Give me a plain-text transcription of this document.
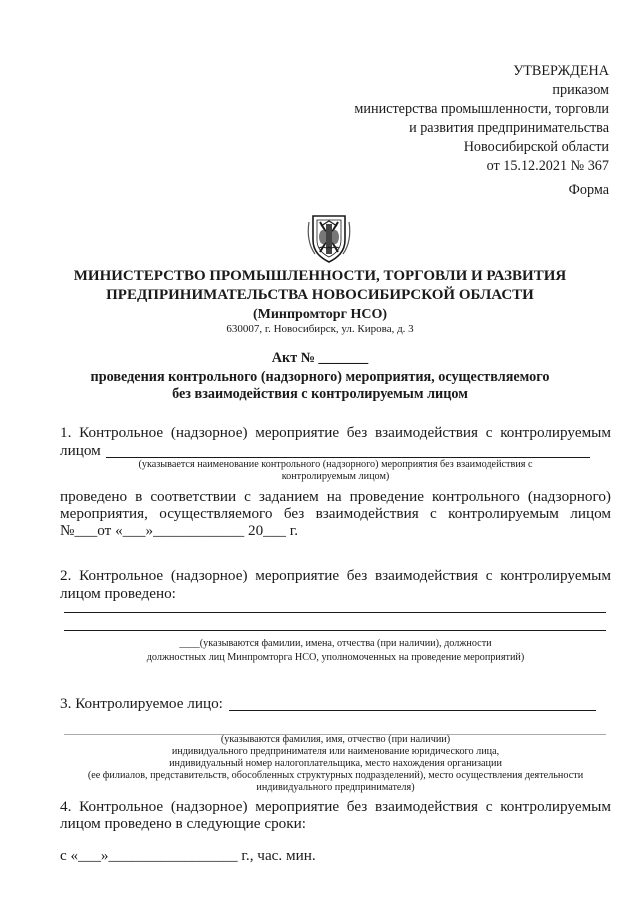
УТВЕРЖДЕНА
приказом
министерства промышленности, торговли
и развития предпринимательства
Новосибирской области
от 15.12.2021 № 367
Форма
МИНИСТЕРСТВО ПРОМЫШЛЕННОСТИ, ТОРГОВЛИ И РАЗВИТИЯ
ПРЕДПРИНИМАТЕЛЬСТВА НОВОСИБИРСКОЙ ОБЛАСТИ
(Минпромторг НСО)
630007, г. Новосибирск, ул. Кирова, д. 3
Акт № _______
проведения контрольного (надзорного) мероприятия, осуществляемого
без взаимодействия с контролируемым лицом
1. Контрольное (надзорное) мероприятие без взаимодействия с контролируемым
лицом
(указывается наименование контрольного (надзорного) мероприятия без взаимодействия с
контролируемым лицом)
проведено в соответствии с заданием на проведение контрольного (надзорного)
мероприятия, осуществляемого без взаимодействия с контролируемым лицом
№___от «___»____________ 20___ г.
2. Контрольное (надзорное) мероприятие без взаимодействия с контролируемым
лицом проведено:
____(указываются фамилии, имена, отчества (при наличии), должности
должностных лиц Минпромторга НСО, уполномоченных на проведение мероприятий)
3. Контролируемое лицо:
(указываются фамилия, имя, отчество (при наличии)
индивидуального предпринимателя или наименование юридического лица,
индивидуальный номер налогоплательщика, место нахождения организации
(ее филиалов, представительств, обособленных структурных подразделений), место осуществления деятельности
индивидуального предпринимателя)
4. Контрольное (надзорное) мероприятие без взаимодействия с контролируемым
лицом проведено в следующие сроки:
с «___»_________________ г., час. мин.
